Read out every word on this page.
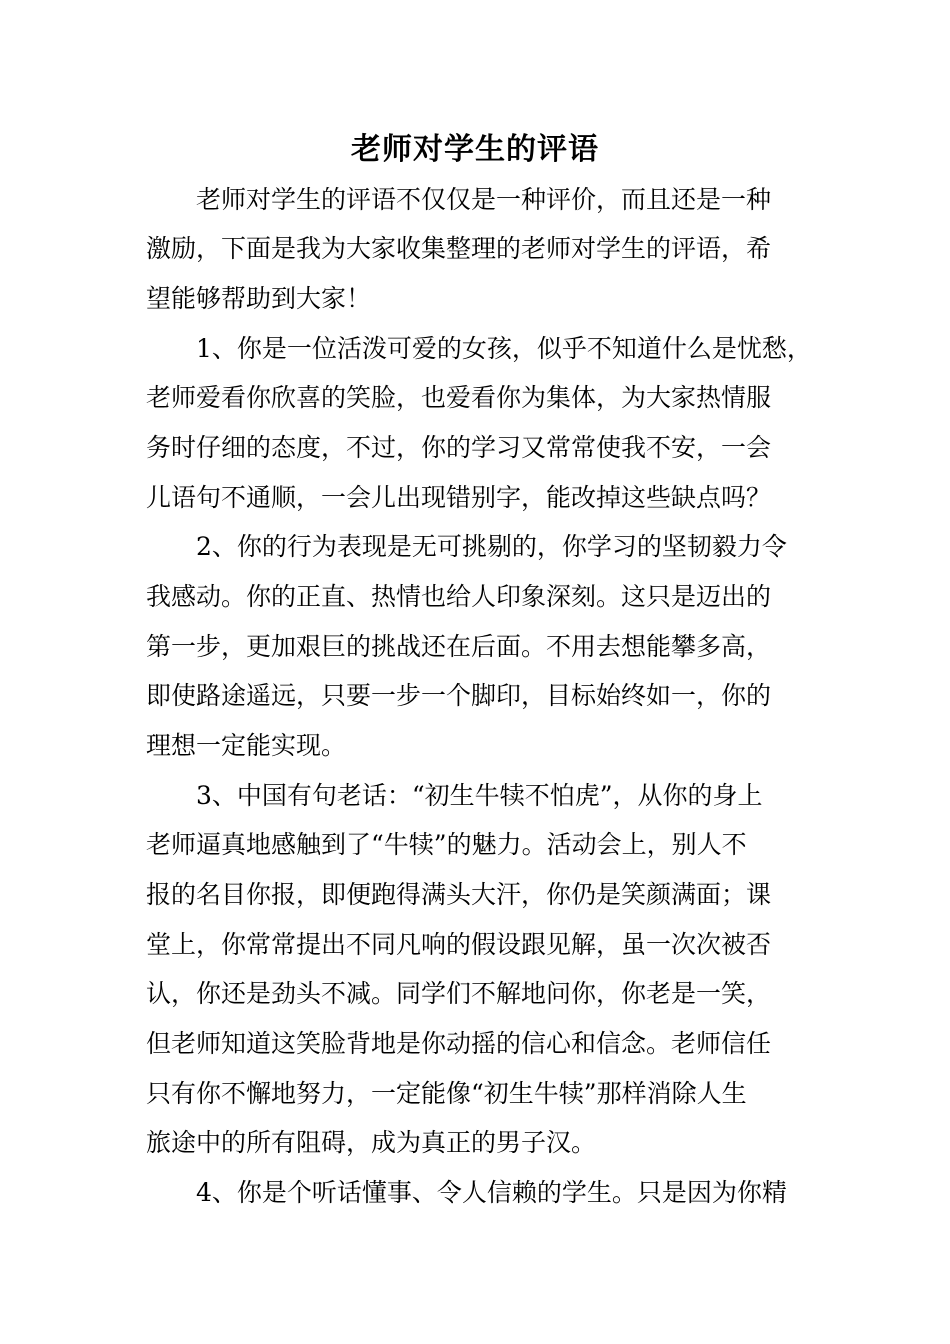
老师对学生的评语
老师对学生的评语不仅仅是一种评价，而且还是一种
激励，下面是我为大家收集整理的老师对学生的评语，希
望能够帮助到大家！
1、你是一位活泼可爱的女孩，似乎不知道什么是忧愁，
老师爱看你欣喜的笑脸，也爱看你为集体，为大家热情服
务时仔细的态度，不过，你的学习又常常使我不安，一会
儿语句不通顺，一会儿出现错别字，能改掉这些缺点吗？
2、你的行为表现是无可挑剔的，你学习的坚韧毅力令
我感动。你的正直、热情也给人印象深刻。这只是迈出的
第一步，更加艰巨的挑战还在后面。不用去想能攀多高，
即使路途遥远，只要一步一个脚印，目标始终如一，你的
理想一定能实现。
3、中国有句老话：“初生牛犊不怕虎”，从你的身上
老师逼真地感触到了“牛犊”的魅力。活动会上，别人不
报的名目你报，即便跑得满头大汗，你仍是笑颜满面；课
堂上，你常常提出不同凡响的假设跟见解，虽一次次被否
认，你还是劲头不减。同学们不解地问你，你老是一笑，
但老师知道这笑脸背地是你动摇的信心和信念。老师信任
只有你不懈地努力，一定能像“初生牛犊”那样消除人生
旅途中的所有阻碍，成为真正的男子汉。
4、你是个听话懂事、令人信赖的学生。只是因为你精
